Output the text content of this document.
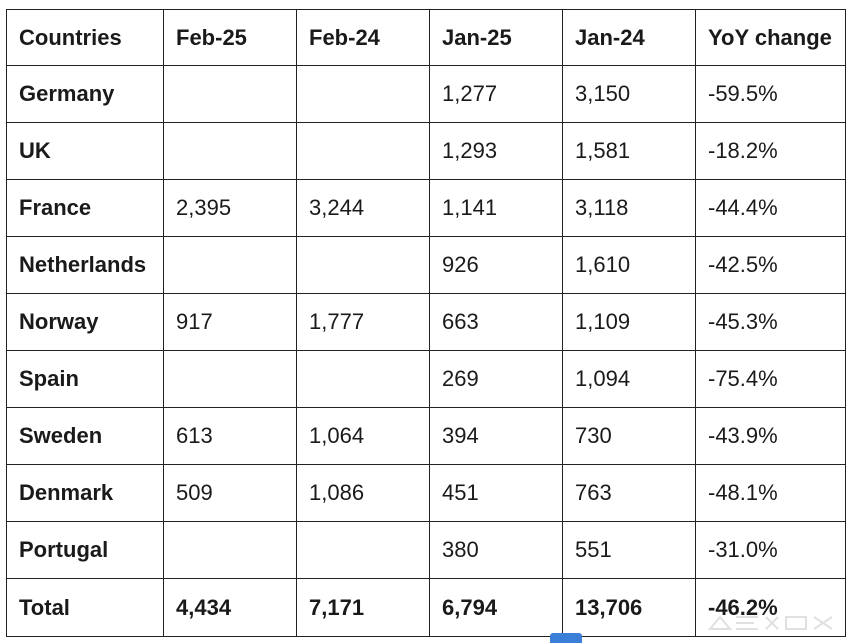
Countries	Feb-25	Feb-24	Jan-25	Jan-24	YoY change
Germany			1,277	3,150	-59.5%
UK			1,293	1,581	-18.2%
France	2,395	3,244	1,141	3,118	-44.4%
Netherlands			926	1,610	-42.5%
Norway	917	1,777	663	1,109	-45.3%
Spain			269	1,094	-75.4%
Sweden	613	1,064	394	730	-43.9%
Denmark	509	1,086	451	763	-48.1%
Portugal			380	551	-31.0%
Total	4,434	7,171	6,794	13,706	-46.2%
